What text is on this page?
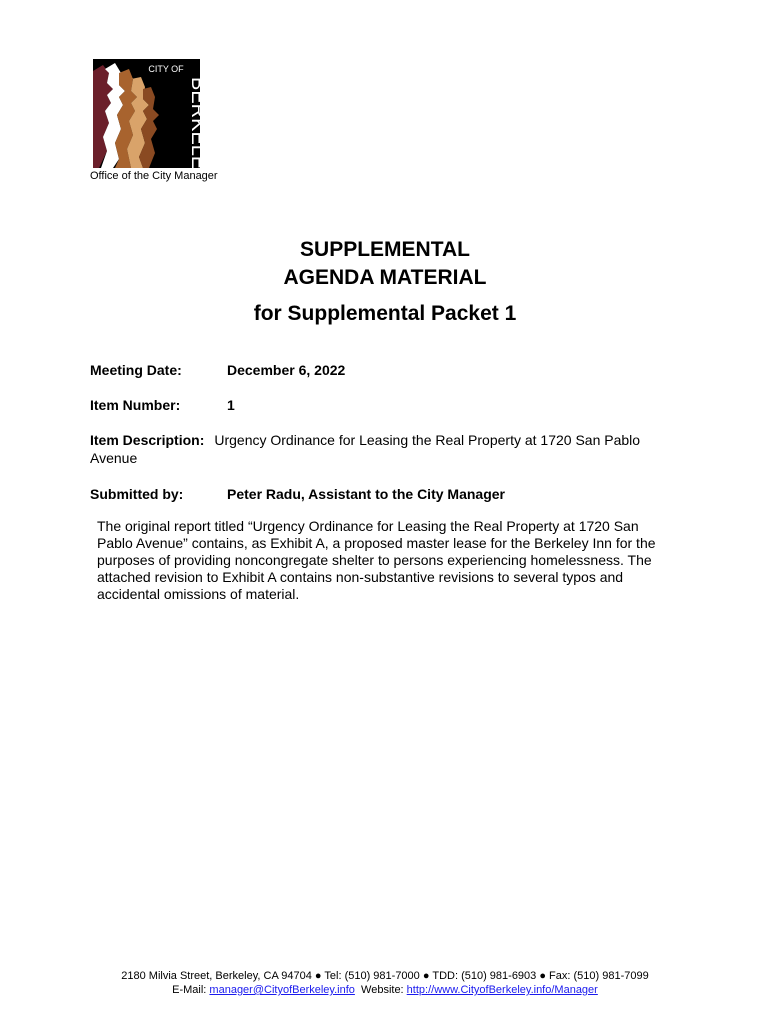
CITY OF
BERKELEY
Office of the City Manager
SUPPLEMENTAL
AGENDA MATERIAL
for Supplemental Packet 1
Meeting Date:	December 6, 2022
Item Number:	1
Item Description: Urgency Ordinance for Leasing the Real Property at 1720 San Pablo Avenue
Submitted by:	Peter Radu, Assistant to the City Manager

The original report titled “Urgency Ordinance for Leasing the Real Property at 1720 San Pablo Avenue” contains, as Exhibit A, a proposed master lease for the Berkeley Inn for the purposes of providing noncongregate shelter to persons experiencing homelessness. The attached revision to Exhibit A contains non-substantive revisions to several typos and accidental omissions of material.

2180 Milvia Street, Berkeley, CA 94704 ● Tel: (510) 981-7000 ● TDD: (510) 981-6903 ● Fax: (510) 981-7099
E-Mail: manager@CityofBerkeley.info  Website: http://www.CityofBerkeley.info/Manager
